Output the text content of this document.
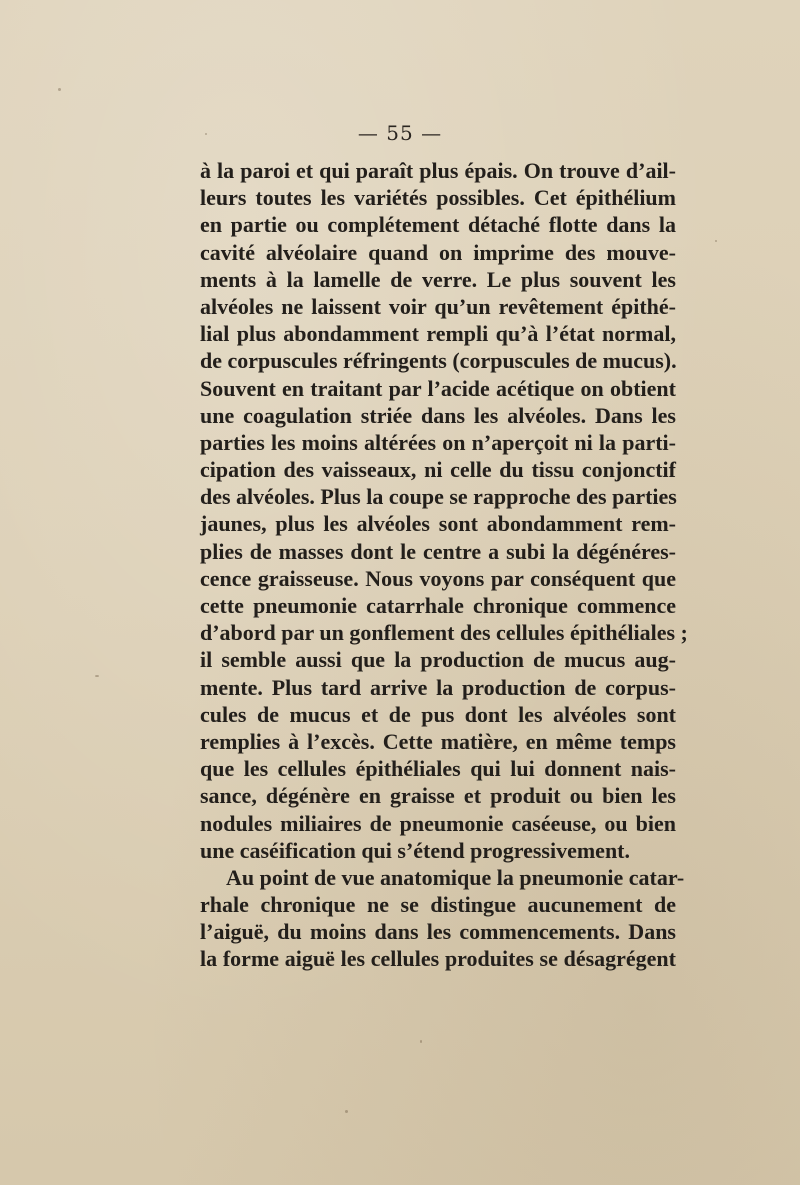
— 55 —
à la paroi et qui paraît plus épais. On trouve d’ail-
leurs toutes les variétés possibles. Cet épithélium
en partie ou complétement détaché flotte dans la
cavité alvéolaire quand on imprime des mouve-
ments à la lamelle de verre. Le plus souvent les
alvéoles ne laissent voir qu’un revêtement épithé-
lial plus abondamment rempli qu’à l’état normal,
de corpuscules réfringents (corpuscules de mucus).
Souvent en traitant par l’acide acétique on obtient
une coagulation striée dans les alvéoles. Dans les
parties les moins altérées on n’aperçoit ni la parti-
cipation des vaisseaux, ni celle du tissu conjonctif
des alvéoles. Plus la coupe se rapproche des parties
jaunes, plus les alvéoles sont abondamment rem-
plies de masses dont le centre a subi la dégénéres-
cence graisseuse. Nous voyons par conséquent que
cette pneumonie catarrhale chronique commence
d’abord par un gonflement des cellules épithéliales ;
il semble aussi que la production de mucus aug-
mente. Plus tard arrive la production de corpus-
cules de mucus et de pus dont les alvéoles sont
remplies à l’excès. Cette matière, en même temps
que les cellules épithéliales qui lui donnent nais-
sance, dégénère en graisse et produit ou bien les
nodules miliaires de pneumonie caséeuse, ou bien
une caséification qui s’étend progressivement.
Au point de vue anatomique la pneumonie catar-
rhale chronique ne se distingue aucunement de
l’aiguë, du moins dans les commencements. Dans
la forme aiguë les cellules produites se désagrégent
